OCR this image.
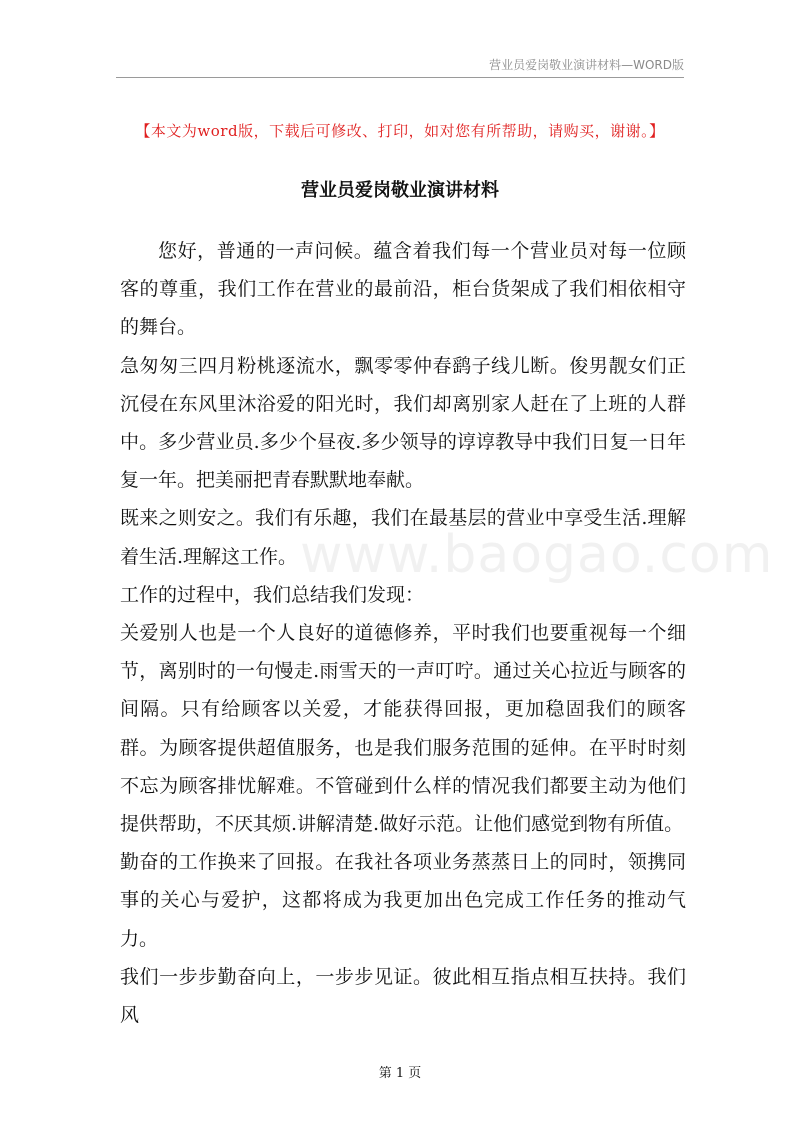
营业员爱岗敬业演讲材料—WORD版
【本文为word版，下载后可修改、打印，如对您有所帮助，请购买，谢谢。】
营业员爱岗敬业演讲材料
www.baogao.com

您好，普通的一声问候。蕴含着我们每一个营业员对每一位顾客的尊重，我们工作在营业的最前沿，柜台货架成了我们相依相守的舞台。

急匆匆三四月粉桃逐流水，飘零零仲春鹞子线儿断。俊男靓女们正沉侵在东风里沐浴爱的阳光时，我们却离别家人赶在了上班的人群中。多少营业员.多少个昼夜.多少领导的谆谆教导中我们日复一日年复一年。把美丽把青春默默地奉献。

既来之则安之。我们有乐趣，我们在最基层的营业中享受生活.理解着生活.理解这工作。

工作的过程中，我们总结我们发现：

关爱别人也是一个人良好的道德修养，平时我们也要重视每一个细节，离别时的一句慢走.雨雪天的一声叮咛。通过关心拉近与顾客的间隔。只有给顾客以关爱，才能获得回报，更加稳固我们的顾客群。为顾客提供超值服务，也是我们服务范围的延伸。在平时时刻不忘为顾客排忧解难。不管碰到什么样的情况我们都要主动为他们提供帮助，不厌其烦.讲解清楚.做好示范。让他们感觉到物有所值。

勤奋的工作换来了回报。在我社各项业务蒸蒸日上的同时，领携同事的关心与爱护，这都将成为我更加出色完成工作任务的推动气力。

我们一步步勤奋向上，一步步见证。彼此相互指点相互扶持。我们风

第 1 页
